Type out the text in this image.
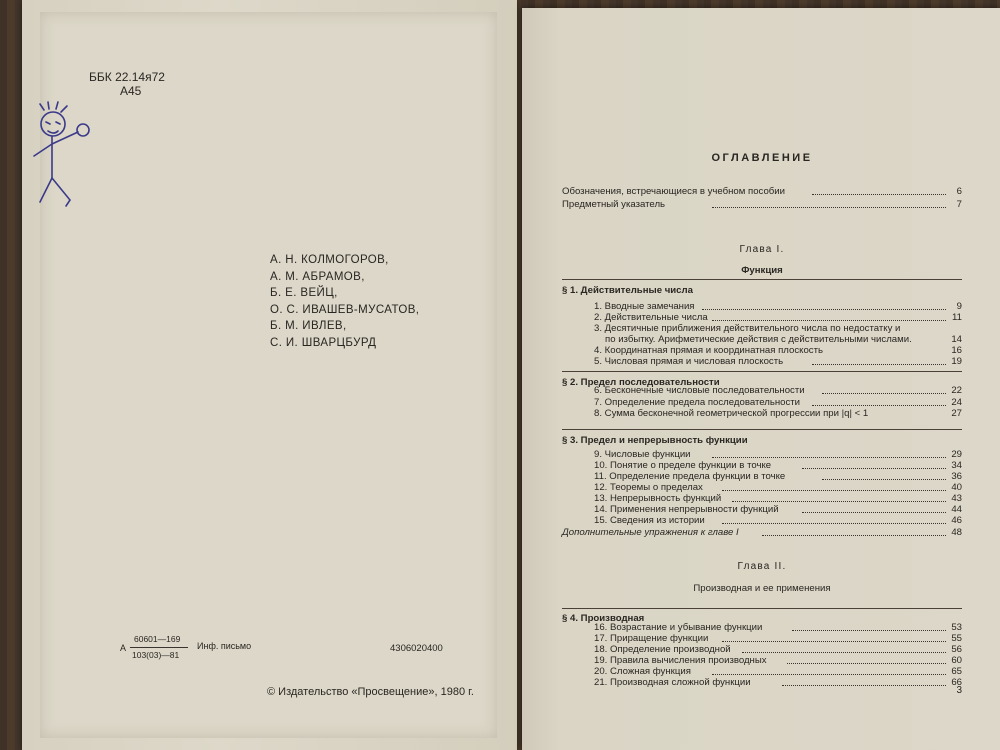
ББК 22.14я72
А45
А. Н. КОЛМОГОРОВ,
А. М. АБРАМОВ,
Б. Е. ВЕЙЦ,
О. С. ИВАШЕВ-МУСАТОВ,
Б. М. ИВЛЕВ,
С. И. ШВАРЦБУРД
А
60601—169
103(03)—81
Инф. письмо	4306020400
© Издательство «Просвещение», 1980 г.
ОГЛАВЛЕНИЕ
Обозначения, встречающиеся в учебном пособии	6
Предметный указатель	7
Глава I.
Функция
§ 1. Действительные числа
1. Вводные замечания	9
2. Действительные числа	11
3. Десятичные приближения действительного числа по недостатку и
по избытку. Арифметические действия с действительными числами.	14
4. Координатная прямая и координатная плоскость	16
5. Числовая прямая и числовая плоскость	19
§ 2. Предел последовательности
6. Бесконечные числовые последовательности	22
7. Определение предела последовательности	24
8. Сумма бесконечной геометрической прогрессии при |q| < 1	27
§ 3. Предел и непрерывность функции
9. Числовые функции	29
10. Понятие о пределе функции в точке	34
11. Определение предела функции в точке	36
12. Теоремы о пределах	40
13. Непрерывность функций	43
14. Применения непрерывности функций	44
15. Сведения из истории	46
Дополнительные упражнения к главе I	48
Глава II.
Производная и ее применения
§ 4. Производная
16. Возрастание и убывание функции	53
17. Приращение функции	55
18. Определение производной	56
19. Правила вычисления производных	60
20. Сложная функция	65
21. Производная сложной функции	66
3
